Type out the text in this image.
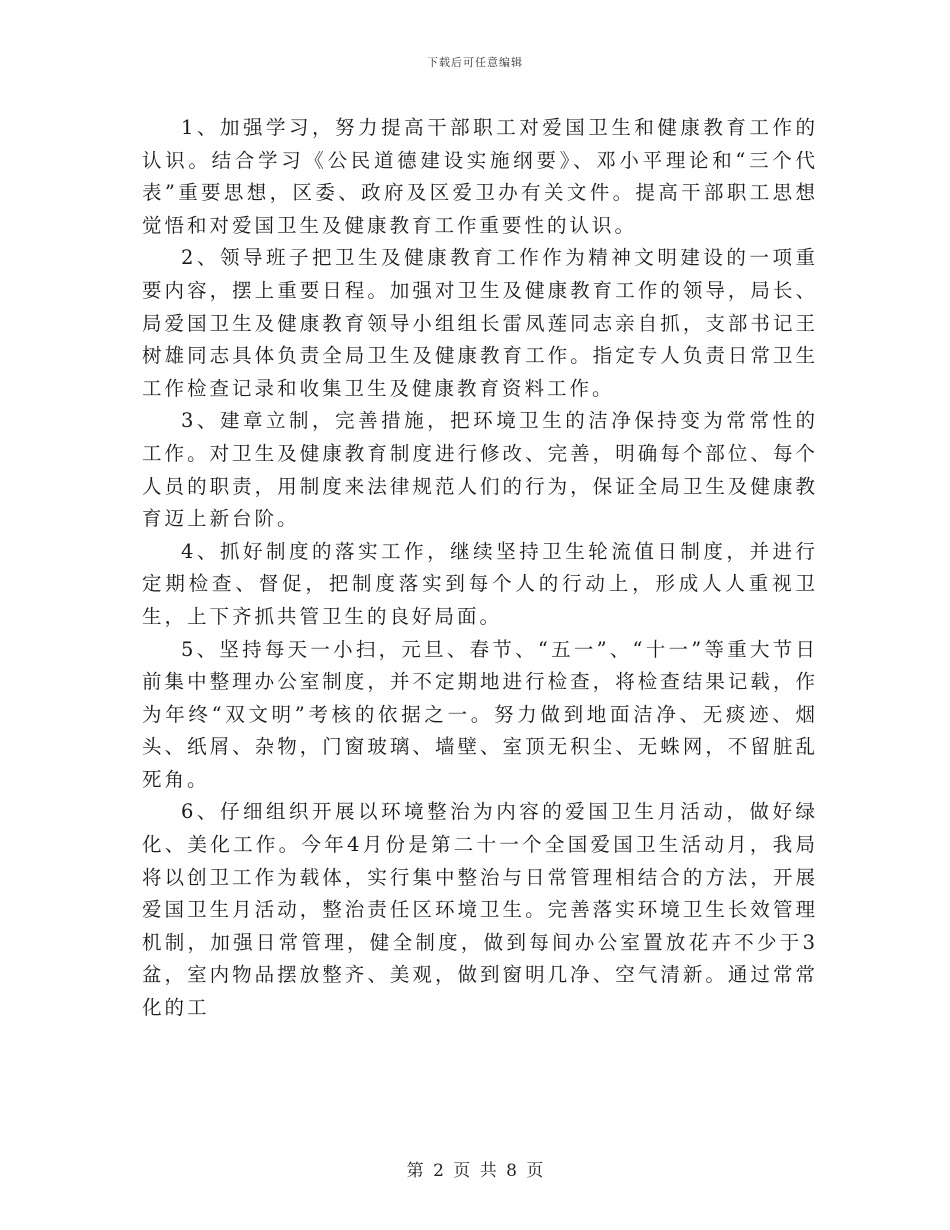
下载后可任意编辑

1、加强学习，努力提高干部职工对爱国卫生和健康教育工作的认识。结合学习《公民道德建设实施纲要》、邓小平理论和“三个代表”重要思想，区委、政府及区爱卫办有关文件。提高干部职工思想觉悟和对爱国卫生及健康教育工作重要性的认识。

2、领导班子把卫生及健康教育工作作为精神文明建设的一项重要内容，摆上重要日程。加强对卫生及健康教育工作的领导，局长、局爱国卫生及健康教育领导小组组长雷凤莲同志亲自抓，支部书记王树雄同志具体负责全局卫生及健康教育工作。指定专人负责日常卫生工作检查记录和收集卫生及健康教育资料工作。

3、建章立制，完善措施，把环境卫生的洁净保持变为常常性的工作。对卫生及健康教育制度进行修改、完善，明确每个部位、每个人员的职责，用制度来法律规范人们的行为，保证全局卫生及健康教育迈上新台阶。

4、抓好制度的落实工作，继续坚持卫生轮流值日制度，并进行定期检查、督促，把制度落实到每个人的行动上，形成人人重视卫生，上下齐抓共管卫生的良好局面。

5、坚持每天一小扫，元旦、春节、“五一”、“十一”等重大节日前集中整理办公室制度，并不定期地进行检查，将检查结果记载，作为年终“双文明”考核的依据之一。努力做到地面洁净、无痰迹、烟头、纸屑、杂物，门窗玻璃、墙壁、室顶无积尘、无蛛网，不留脏乱死角。

6、仔细组织开展以环境整治为内容的爱国卫生月活动，做好绿化、美化工作。今年4月份是第二十一个全国爱国卫生活动月，我局将以创卫工作为载体，实行集中整治与日常管理相结合的方法，开展爱国卫生月活动，整治责任区环境卫生。完善落实环境卫生长效管理机制，加强日常管理，健全制度，做到每间办公室置放花卉不少于3盆，室内物品摆放整齐、美观，做到窗明几净、空气清新。通过常常化的工

第 2 页 共 8 页
